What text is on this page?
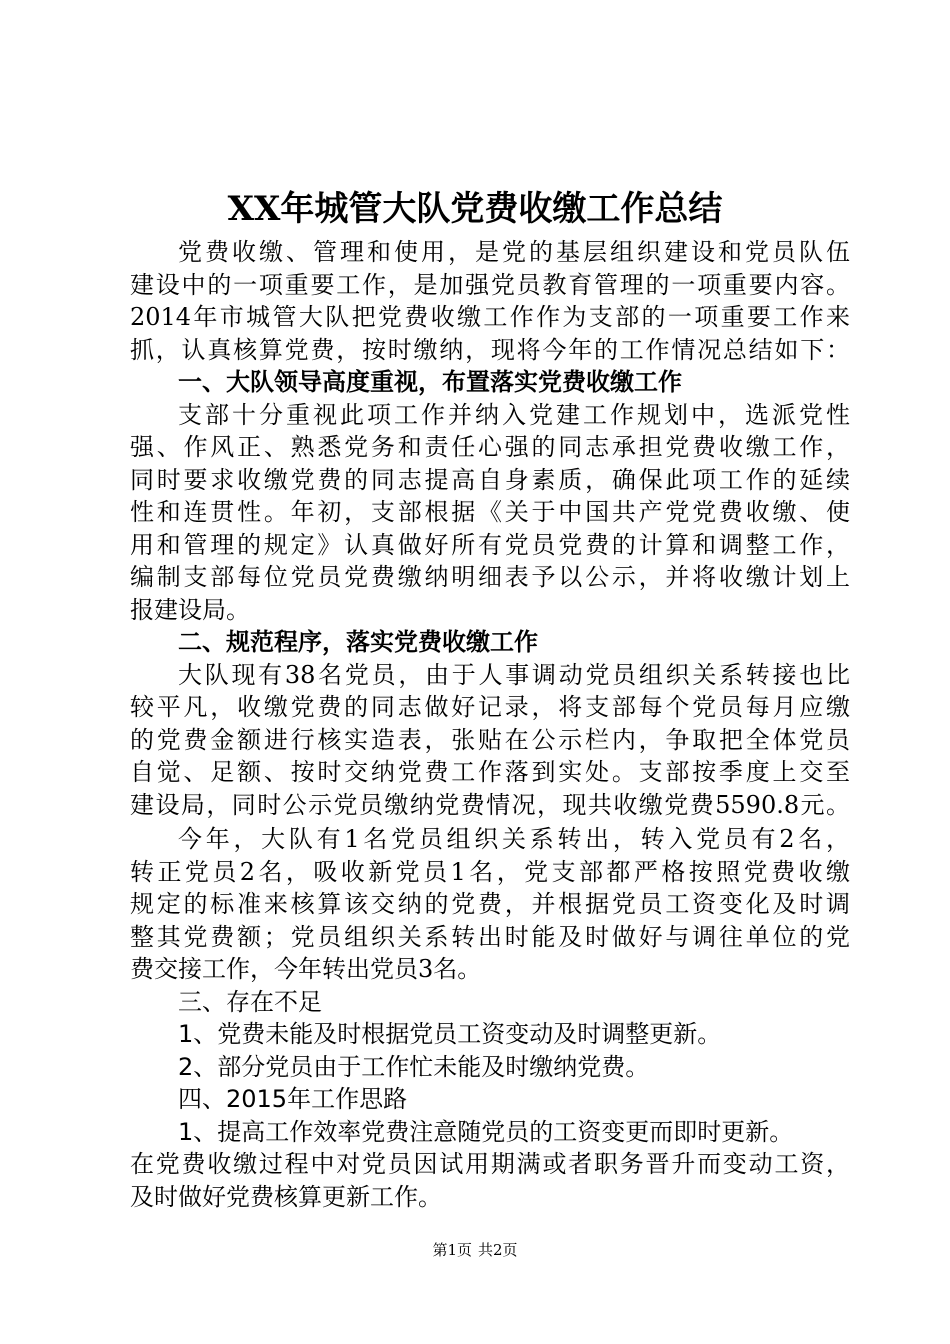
XX年城管大队党费收缴工作总结
党费收缴、管理和使用，是党的基层组织建设和党员队伍
建设中的一项重要工作，是加强党员教育管理的一项重要内容。
2014年市城管大队把党费收缴工作作为支部的一项重要工作来
抓，认真核算党费，按时缴纳，现将今年的工作情况总结如下：
一、大队领导高度重视，布置落实党费收缴工作
支部十分重视此项工作并纳入党建工作规划中，选派党性
强、作风正、熟悉党务和责任心强的同志承担党费收缴工作，
同时要求收缴党费的同志提高自身素质，确保此项工作的延续
性和连贯性。年初，支部根据《关于中国共产党党费收缴、使
用和管理的规定》认真做好所有党员党费的计算和调整工作，
编制支部每位党员党费缴纳明细表予以公示，并将收缴计划上
报建设局。
二、规范程序，落实党费收缴工作
大队现有38名党员，由于人事调动党员组织关系转接也比
较平凡，收缴党费的同志做好记录，将支部每个党员每月应缴
的党费金额进行核实造表，张贴在公示栏内，争取把全体党员
自觉、足额、按时交纳党费工作落到实处。支部按季度上交至
建设局，同时公示党员缴纳党费情况，现共收缴党费5590.8元。
今年，大队有1名党员组织关系转出，转入党员有2名，
转正党员2名，吸收新党员1名，党支部都严格按照党费收缴
规定的标准来核算该交纳的党费，并根据党员工资变化及时调
整其党费额；党员组织关系转出时能及时做好与调往单位的党
费交接工作，今年转出党员3名。
三、存在不足
1、党费未能及时根据党员工资变动及时调整更新。
2、部分党员由于工作忙未能及时缴纳党费。
四、2015年工作思路
1、提高工作效率党费注意随党员的工资变更而即时更新。
在党费收缴过程中对党员因试用期满或者职务晋升而变动工资，
及时做好党费核算更新工作。
第1页 共2页
